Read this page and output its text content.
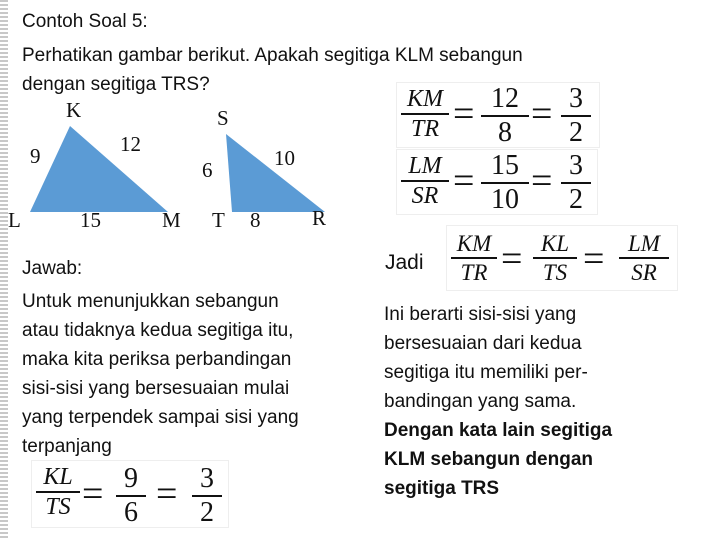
Contoh Soal 5:
Perhatikan gambar berikut. Apakah segitiga KLM sebangun
dengan segitiga TRS?
K
L	M
9	12
15
S
T	R
6	10
8
KM
TR = 12
8 = 3
2
LM
SR = 15
10 = 3
2
Jadi
KM
TR = KL
TS =	LM
SR
Jawab:
Untuk menunjukkan sebangun
atau tidaknya kedua segitiga itu,
maka kita periksa perbandingan
sisi-sisi yang bersesuaian mulai
yang terpendek sampai sisi yang
terpanjang
KL
TS = 9
6 = 3
2
Ini berarti sisi-sisi yang
bersesuaian dari kedua
segitiga itu memiliki per-
bandingan yang sama.
Dengan kata lain segitiga
KLM sebangun dengan
segitiga TRS
